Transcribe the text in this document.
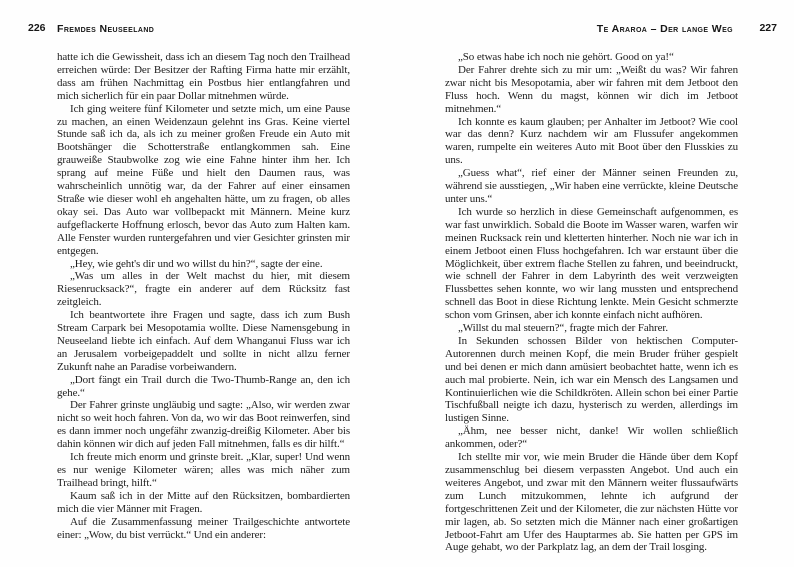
226 Fremdes Neuseeland	Te Araroa – Der lange Weg	227

hatte ich die Gewissheit, dass ich an diesem Tag noch den Trailhead erreichen würde: Der Besitzer der Rafting Firma hatte mir erzählt, dass am frühen Nachmittag ein Postbus hier entlangfahren und mich sicherlich für ein paar Dollar mitnehmen würde.

Ich ging weitere fünf Kilometer und setzte mich, um eine Pause zu machen, an einen Weidenzaun gelehnt ins Gras. Keine viertel Stunde saß ich da, als ich zu meiner großen Freude ein Auto mit Bootshänger die Schotterstraße entlangkommen sah. Eine grauweiße Staubwolke zog wie eine Fahne hinter ihm her. Ich sprang auf meine Füße und hielt den Daumen raus, was wahrscheinlich unnötig war, da der Fahrer auf einer einsamen Straße wie dieser wohl eh angehalten hätte, um zu fragen, ob alles okay sei. Das Auto war vollbepackt mit Männern. Meine kurz aufgeflackerte Hoffnung erlosch, bevor das Auto zum Halten kam. Alle Fenster wurden runtergefahren und vier Gesichter grinsten mir entgegen.

„Hey, wie geht's dir und wo willst du hin?“, sagte der eine.

„Was um alles in der Welt machst du hier, mit diesem Riesenrucksack?“, fragte ein anderer auf dem Rücksitz fast zeitgleich.

Ich beantwortete ihre Fragen und sagte, dass ich zum Bush Stream Carpark bei Mesopotamia wollte. Diese Namensgebung in Neuseeland liebte ich einfach. Auf dem Whanganui Fluss war ich an Jerusalem vorbeigepaddelt und sollte in nicht allzu ferner Zukunft nahe an Paradise vorbeiwandern.

„Dort fängt ein Trail durch die Two-Thumb-Range an, den ich gehe.“

Der Fahrer grinste ungläubig und sagte: „Also, wir werden zwar nicht so weit hoch fahren. Von da, wo wir das Boot reinwerfen, sind es dann immer noch ungefähr zwanzig-dreißig Kilometer. Aber bis dahin können wir dich auf jeden Fall mitnehmen, falls es dir hilft.“

Ich freute mich enorm und grinste breit. „Klar, super! Und wenn es nur wenige Kilometer wären; alles was mich näher zum Trailhead bringt, hilft.“

Kaum saß ich in der Mitte auf den Rücksitzen, bombardierten mich die vier Männer mit Fragen.

Auf die Zusammenfassung meiner Trailgeschichte antwortete einer: „Wow, du bist verrückt.“ Und ein anderer:

„So etwas habe ich noch nie gehört. Good on ya!“

Der Fahrer drehte sich zu mir um: „Weißt du was? Wir fahren zwar nicht bis Mesopotamia, aber wir fahren mit dem Jetboot den Fluss hoch. Wenn du magst, können wir dich im Jetboot mitnehmen.“

Ich konnte es kaum glauben; per Anhalter im Jetboot? Wie cool war das denn? Kurz nachdem wir am Flussufer angekommen waren, rumpelte ein weiteres Auto mit Boot über den Flusskies zu uns.

„Guess what“, rief einer der Männer seinen Freunden zu, während sie ausstiegen, „Wir haben eine verrückte, kleine Deutsche unter uns.“

Ich wurde so herzlich in diese Gemeinschaft aufgenommen, es war fast unwirklich. Sobald die Boote im Wasser waren, warfen wir meinen Rucksack rein und kletterten hinterher. Noch nie war ich in einem Jetboot einen Fluss hochgefahren. Ich war erstaunt über die Möglichkeit, über extrem flache Stellen zu fahren, und beeindruckt, wie schnell der Fahrer in dem Labyrinth des weit verzweigten Flussbettes sehen konnte, wo wir lang mussten und entsprechend schnell das Boot in diese Richtung lenkte. Mein Gesicht schmerzte schon vom Grinsen, aber ich konnte einfach nicht aufhören.

„Willst du mal steuern?“, fragte mich der Fahrer.

In Sekunden schossen Bilder von hektischen Computer-Autorennen durch meinen Kopf, die mein Bruder früher gespielt und bei denen er mich dann amüsiert beobachtet hatte, wenn ich es auch mal probierte. Nein, ich war ein Mensch des Langsamen und Kontinuierlichen wie die Schildkröten. Allein schon bei einer Partie Tischfußball neigte ich dazu, hysterisch zu werden, allerdings im lustigen Sinne.

„Ähm, nee besser nicht, danke! Wir wollen schließlich ankommen, oder?“

Ich stellte mir vor, wie mein Bruder die Hände über dem Kopf zusammenschlug bei diesem verpassten Angebot. Und auch ein weiteres Angebot, und zwar mit den Männern weiter flussaufwärts zum Lunch mitzukommen, lehnte ich aufgrund der fortgeschrittenen Zeit und der Kilometer, die zur nächsten Hütte vor mir lagen, ab. So setzten mich die Männer nach einer großartigen Jetboot-Fahrt am Ufer des Hauptarmes ab. Sie hatten per GPS im Auge gehabt, wo der Parkplatz lag, an dem der Trail losging.
